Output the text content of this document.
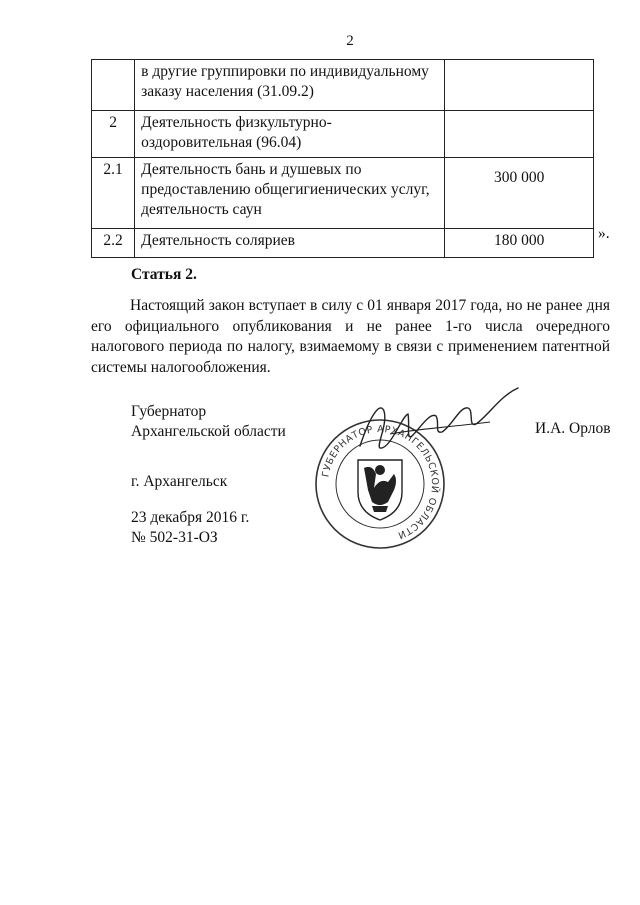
2
	в другие группировки по индивидуальному заказу населения (31.09.2)	
2	Деятельность физкультурно-оздоровительная (96.04)	
2.1	Деятельность бань и душевых по предоставлению общегигиенических услуг, деятельность саун	300 000
2.2	Деятельность соляриев	180 000	».
Статья 2.
Настоящий закон вступает в силу с 01 января 2017 года, но не ранее дня его официального опубликования и не ранее 1-го числа очередного налогового периода по налогу, взимаемому в связи с применением патентной системы налогообложения.
Губернатор
Архангельской области	И.А. Орлов
ГУБЕРНАТОР АРХАНГЕЛЬСКОЙ ОБЛАСТИ
г. Архангельск
23 декабря 2016 г.
№ 502-31-ОЗ
